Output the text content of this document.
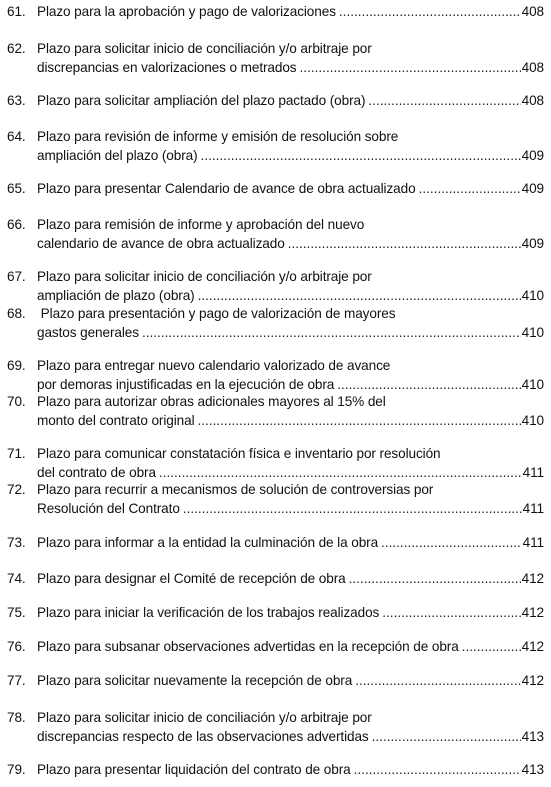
61. Plazo para la aprobación y pago de valorizaciones .....	408
62. Plazo para solicitar inicio de conciliación y/o arbitraje por
discrepancias en valorizaciones o metrados .....	408
63. Plazo para solicitar ampliación del plazo pactado (obra) .....	408
64. Plazo para revisión de informe y emisión de resolución sobre
ampliación del plazo (obra) .....	409
65. Plazo para presentar Calendario de avance de obra actualizado .....	409
66. Plazo para remisión de informe y aprobación del nuevo
calendario de avance de obra actualizado .....	409
67. Plazo para solicitar inicio de conciliación y/o arbitraje por
ampliación de plazo (obra) .....	410
68. Plazo para presentación y pago de valorización de mayores
gastos generales .....	410
69. Plazo para entregar nuevo calendario valorizado de avance
por demoras injustificadas en la ejecución de obra .....	410
70. Plazo para autorizar obras adicionales mayores al 15% del
monto del contrato original .....	410
71. Plazo para comunicar constatación física e inventario por resolución
del contrato de obra .....	411
72. Plazo para recurrir a mecanismos de solución de controversias por
Resolución del Contrato .....	411
73. Plazo para informar a la entidad la culminación de la obra .....	411
74. Plazo para designar el Comité de recepción de obra .....	412
75. Plazo para iniciar la verificación de los trabajos realizados .....	412
76. Plazo para subsanar observaciones advertidas en la recepción de obra .....	412
77. Plazo para solicitar nuevamente la recepción de obra .....	412
78. Plazo para solicitar inicio de conciliación y/o arbitraje por
discrepancias respecto de las observaciones advertidas .....	413
79. Plazo para presentar liquidación del contrato de obra .....	413
